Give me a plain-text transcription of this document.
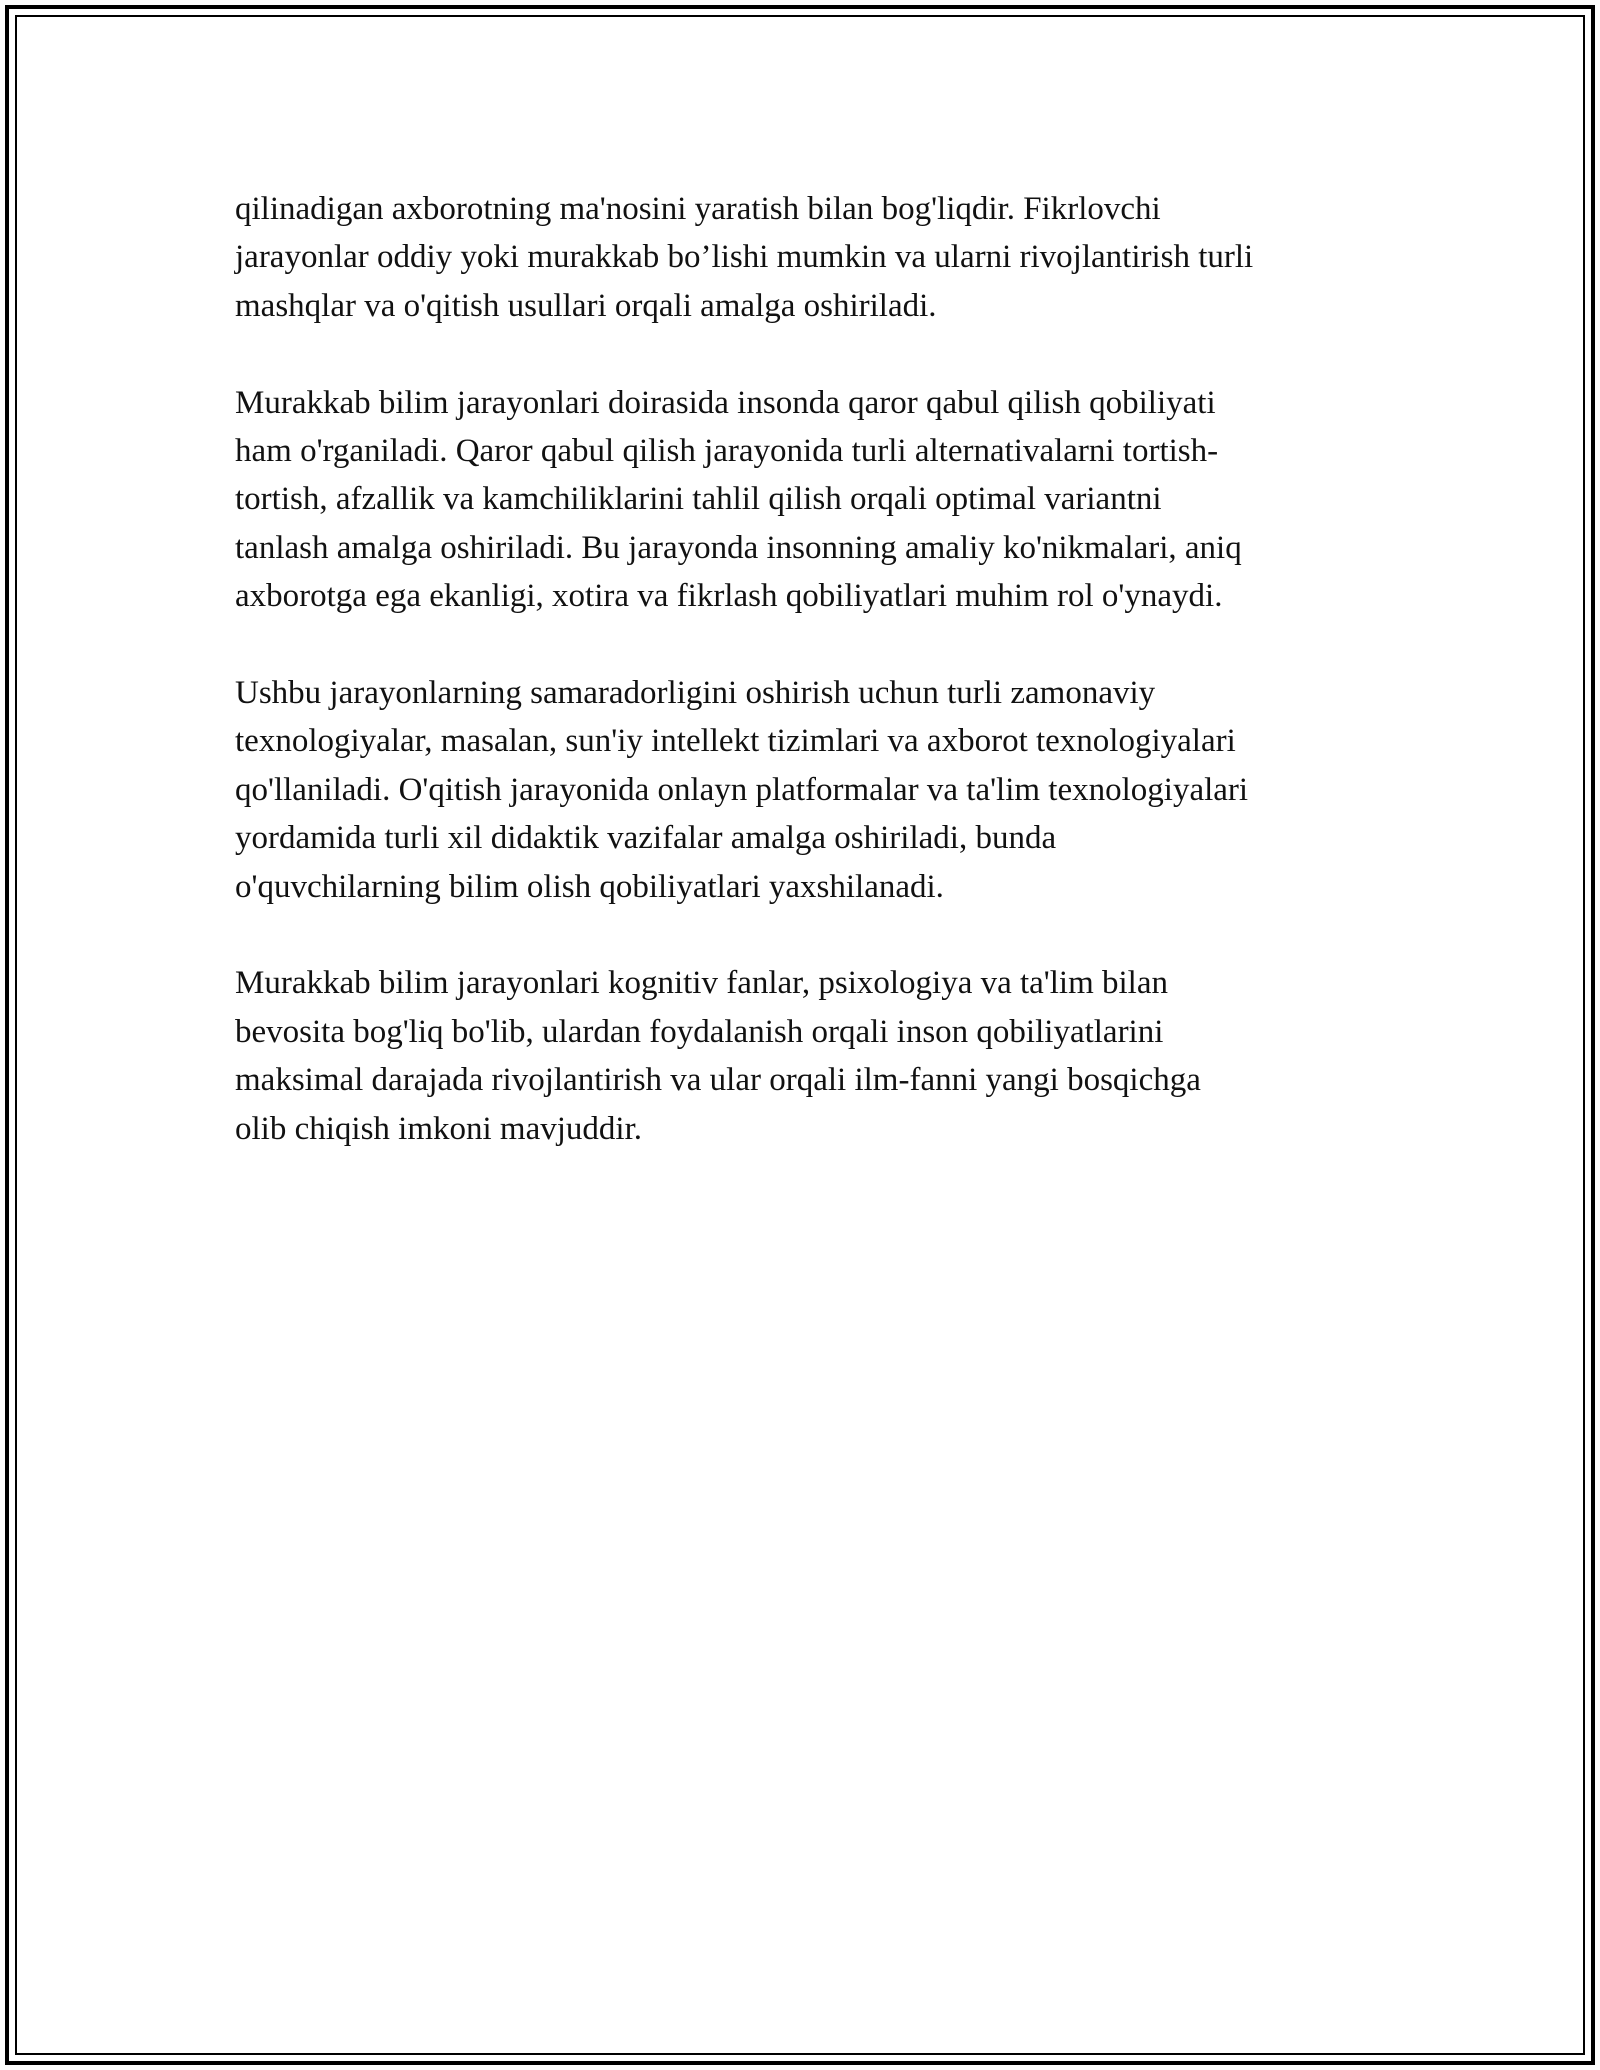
qilinadigan axborotning ma'nosini yaratish bilan bog'liqdir. Fikrlovchi
jarayonlar oddiy yoki murakkab bo’lishi mumkin va ularni rivojlantirish turli
mashqlar va o'qitish usullari orqali amalga oshiriladi.

Murakkab bilim jarayonlari doirasida insonda qaror qabul qilish qobiliyati
ham o'rganiladi. Qaror qabul qilish jarayonida turli alternativalarni tortish-
tortish, afzallik va kamchiliklarini tahlil qilish orqali optimal variantni
tanlash amalga oshiriladi. Bu jarayonda insonning amaliy ko'nikmalari, aniq
axborotga ega ekanligi, xotira va fikrlash qobiliyatlari muhim rol o'ynaydi.

Ushbu jarayonlarning samaradorligini oshirish uchun turli zamonaviy
texnologiyalar, masalan, sun'iy intellekt tizimlari va axborot texnologiyalari
qo'llaniladi. O'qitish jarayonida onlayn platformalar va ta'lim texnologiyalari
yordamida turli xil didaktik vazifalar amalga oshiriladi, bunda
o'quvchilarning bilim olish qobiliyatlari yaxshilanadi.

Murakkab bilim jarayonlari kognitiv fanlar, psixologiya va ta'lim bilan
bevosita bog'liq bo'lib, ulardan foydalanish orqali inson qobiliyatlarini
maksimal darajada rivojlantirish va ular orqali ilm-fanni yangi bosqichga
olib chiqish imkoni mavjuddir.
